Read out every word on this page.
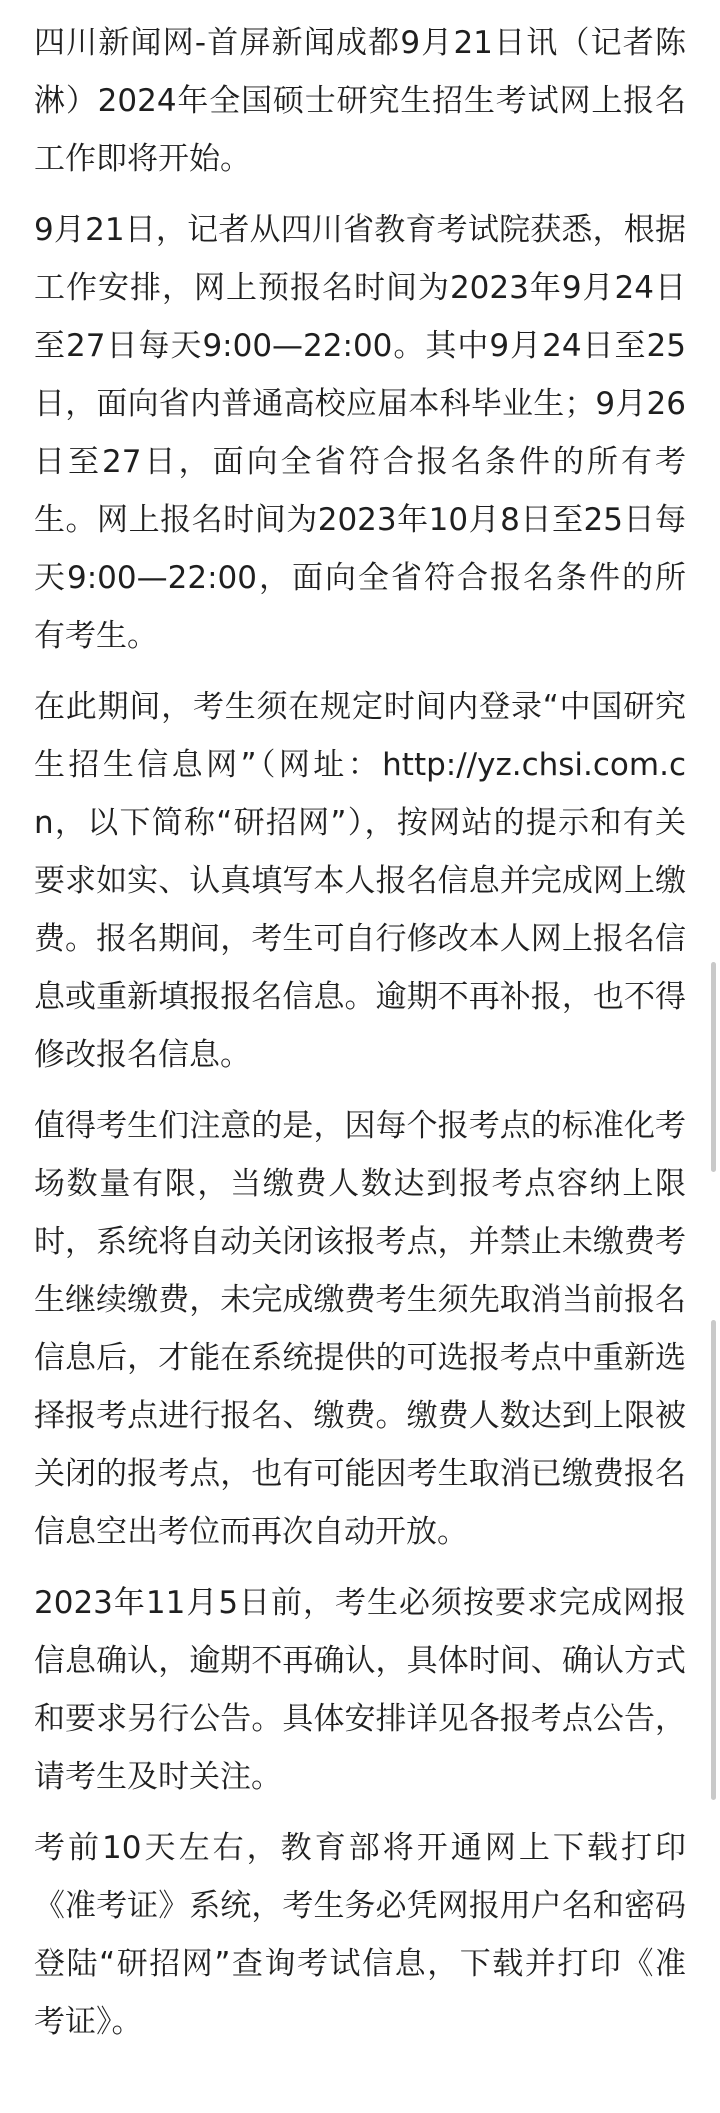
四川新闻网-首屏新闻成都9月21日讯（记者陈淋）2024年全国硕士研究生招生考试网上报名工作即将开始。

9月21日，记者从四川省教育考试院获悉，根据工作安排，网上预报名时间为2023年9月24日至27日每天9:00—22:00。其中9月24日至25日，面向省内普通高校应届本科毕业生；9月26日至27日，面向全省符合报名条件的所有考生。网上报名时间为2023年10月8日至25日每天9:00—22:00，面向全省符合报名条件的所有考生。

在此期间，考生须在规定时间内登录“中国研究生招生信息网”（网址：http://yz.chsi.com.cn，以下简称“研招网”），按网站的提示和有关要求如实、认真填写本人报名信息并完成网上缴费。报名期间，考生可自行修改本人网上报名信息或重新填报报名信息。逾期不再补报，也不得修改报名信息。

值得考生们注意的是，因每个报考点的标准化考场数量有限，当缴费人数达到报考点容纳上限时，系统将自动关闭该报考点，并禁止未缴费考生继续缴费，未完成缴费考生须先取消当前报名信息后，才能在系统提供的可选报考点中重新选择报考点进行报名、缴费。缴费人数达到上限被关闭的报考点，也有可能因考生取消已缴费报名信息空出考位而再次自动开放。

2023年11月5日前，考生必须按要求完成网报信息确认，逾期不再确认，具体时间、确认方式和要求另行公告。具体安排详见各报考点公告，请考生及时关注。

考前10天左右，教育部将开通网上下载打印《准考证》系统，考生务必凭网报用户名和密码登陆“研招网”查询考试信息，下载并打印《准考证》。
